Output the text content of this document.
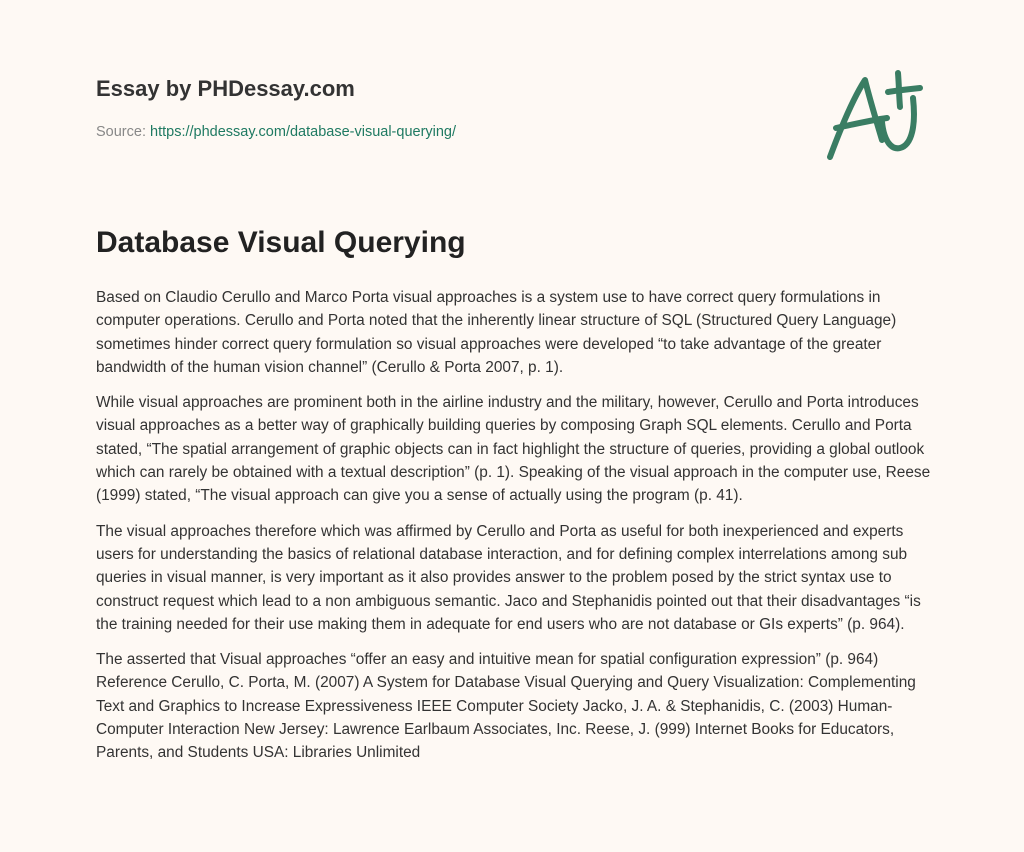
Essay by PHDessay.com
Source: https://phdessay.com/database-visual-querying/
Database Visual Querying

Based on Claudio Cerullo and Marco Porta visual approaches is a system use to have correct query formulations in computer operations. Cerullo and Porta noted that the inherently linear structure of SQL (Structured Query Language) sometimes hinder correct query formulation so visual approaches were developed “to take advantage of the greater bandwidth of the human vision channel” (Cerullo & Porta 2007, p. 1).

While visual approaches are prominent both in the airline industry and the military, however, Cerullo and Porta introduces visual approaches as a better way of graphically building queries by composing Graph SQL elements. Cerullo and Porta stated, “The spatial arrangement of graphic objects can in fact highlight the structure of queries, providing a global outlook which can rarely be obtained with a textual description” (p. 1). Speaking of the visual approach in the computer use, Reese (1999) stated, “The visual approach can give you a sense of actually using the program (p. 41).

The visual approaches therefore which was affirmed by Cerullo and Porta as useful for both inexperienced and experts users for understanding the basics of relational database interaction, and for defining complex interrelations among sub queries in visual manner, is very important as it also provides answer to the problem posed by the strict syntax use to construct request which lead to a non ambiguous semantic. Jaco and Stephanidis pointed out that their disadvantages “is the training needed for their use making them in adequate for end users who are not database or GIs experts” (p. 964).

The asserted that Visual approaches “offer an easy and intuitive mean for spatial configuration expression” (p. 964) Reference Cerullo, C. Porta, M. (2007) A System for Database Visual Querying and Query Visualization: Complementing Text and Graphics to Increase Expressiveness IEEE Computer Society Jacko, J. A. & Stephanidis, C. (2003) Human-Computer Interaction New Jersey: Lawrence Earlbaum Associates, Inc. Reese, J. (999) Internet Books for Educators, Parents, and Students USA: Libraries Unlimited
